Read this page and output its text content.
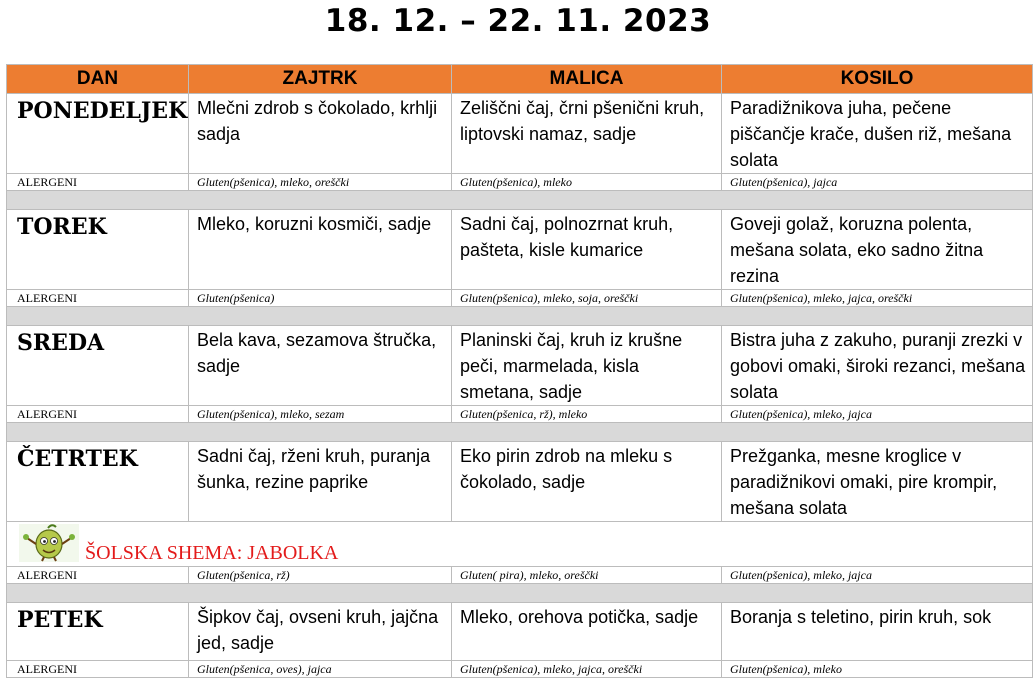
18. 12. – 22. 11. 2023
DAN	ZAJTRK	MALICA	KOSILO
PONEDELJEK	Mlečni zdrob s čokolado, krhlji sadja	Zeliščni čaj, črni pšenični kruh, liptovski namaz, sadje	Paradižnikova juha, pečene piščančje krače, dušen riž, mešana solata
ALERGENI	Gluten(pšenica), mleko, oreščki	Gluten(pšenica), mleko	Gluten(pšenica), jajca

TOREK	Mleko, koruzni kosmiči, sadje	Sadni čaj, polnozrnat kruh, pašteta, kisle kumarice	Goveji golaž, koruzna polenta, mešana solata, eko sadno žitna rezina
ALERGENI	Gluten(pšenica)	Gluten(pšenica), mleko, soja, oreščki	Gluten(pšenica), mleko, jajca, oreščki

SREDA	Bela kava, sezamova štručka, sadje	Planinski čaj, kruh iz krušne peči, marmelada, kisla smetana, sadje	Bistra juha z zakuho, puranji zrezki v gobovi omaki, široki rezanci, mešana solata
ALERGENI	Gluten(pšenica), mleko, sezam	Gluten(pšenica, rž), mleko	Gluten(pšenica), mleko, jajca

ČETRTEK	Sadni čaj, rženi kruh, puranja šunka, rezine paprike	Eko pirin zdrob na mleku s čokolado, sadje	Prežganka, mesne kroglice v paradižnikovi omaki, pire krompir, mešana solata

ŠOLSKA SHEMA: JABOLKA			

ALERGENI	Gluten(pšenica, rž)	Gluten( pira), mleko, oreščki	Gluten(pšenica), mleko, jajca

PETEK	Šipkov čaj, ovseni kruh, jajčna jed, sadje	Mleko, orehova potička, sadje	Boranja s teletino, pirin kruh, sok
ALERGENI	Gluten(pšenica, oves), jajca	Gluten(pšenica), mleko, jajca, oreščki	Gluten(pšenica), mleko
